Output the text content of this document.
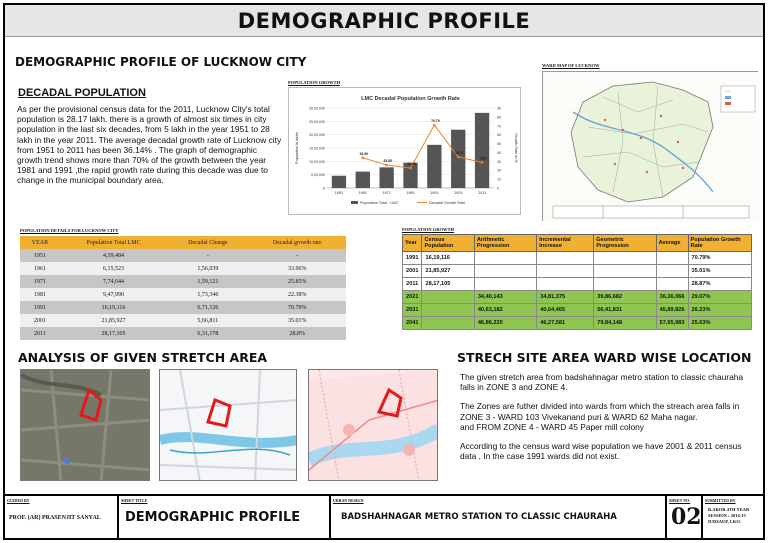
DEMOGRAPHIC PROFILE
DEMOGRAPHIC PROFILE OF LUCKNOW CITY
DECADAL POPULATION
As per the provisional census data for the 2011, Lucknow City's total population is 28.17 lakh. there is a growth of almost six times in city population in the last six decades, from 5 lakh in the year 1951 to 28 lakh in the year 2011. The average decadal growth rate of Lucknow city from 1951 to 2011 has been 36.14% . The graph of demographic growth trend shows more than 70% of the growth between the year 1981 and 1991 ,the rapid growth rate during this decade was due to change in the municipal boundary area.
POPULATION GROWTH
LMC Decadal Population Growth Rate
0
5,00,000
10,00,000
15,00,000
20,00,000
25,00,000
30,00,000
0
10
20
30
40
50
60
70
80
90
1951	1961	1971	1981	1991	2001	2011
33.96
25.85
22.38
70.79
35.01
28.8
Population in lakhs	Growth Rate in %
Population Total - LMC	Decadal Growth Rate
WARD MAP OF LUCKNOW
POPULATION DETAILS FOR LUCKNOW CITY
YEAR	Population Total LMC	Decadal Change	Decadal growth rate
1951	4,59,484	-	-
1961	6,15,523	1,56,039	33.96%
1971	7,74,644	1,59,121	25.85%
1981	9,47,990	1,73,346	22.38%
1991	16,19,116	6,71,126	70.79%
2001	21,85,927	5,66,811	35.01%
2011	28,17,105	6,31,178	28.8%
POPULATION GROWTH
Year	Census Population	Arithmetic Progression	Incremental Increase	Geometric Progression	Average	Population Growth Rate
1991	16,19,116					70.79%
2001	21,85,927					35.01%
2011	28,17,105					28.87%
2021		34,40,143	34,81,375	39,86,682	36,36,066	29.07%
2031		40,63,182	40,64,465	56,41,831	45,89,826	26.23%
2041		46,86,220	46,27,581	79,84,148	57,65,983	25.63%
ANALYSIS OF GIVEN STRETCH AREA	STRECH SITE AREA WARD WISE LOCATION

The given stretch area from badshahnagar metro station to classic chauraha falls in ZONE 3 and ZONE 4.

The Zones are futher divided into wards from which the streach area falls in ZONE 3 - WARD 103 Vivekanand puri & WARD 62 Maha nagar.

and FROM ZONE 4 - WARD 45 Paper mill colony

According to the census ward wise population we have 2001 & 2011 census data , In the case 1991 wards did not exist.

GUIDED BY
PROF. (AR) PRASENJIT SANYAL
SHEET TITLE
DEMOGRAPHIC PROFILE
URBAN DESIGN
BADSHAHNAGAR METRO STATION TO CLASSIC CHAURAHA
SHEET NO.
02
SUBMITTED BY
R.AROR 4TH YEAR
SESSION : 2014-15
IUDSAUP, LKO.
